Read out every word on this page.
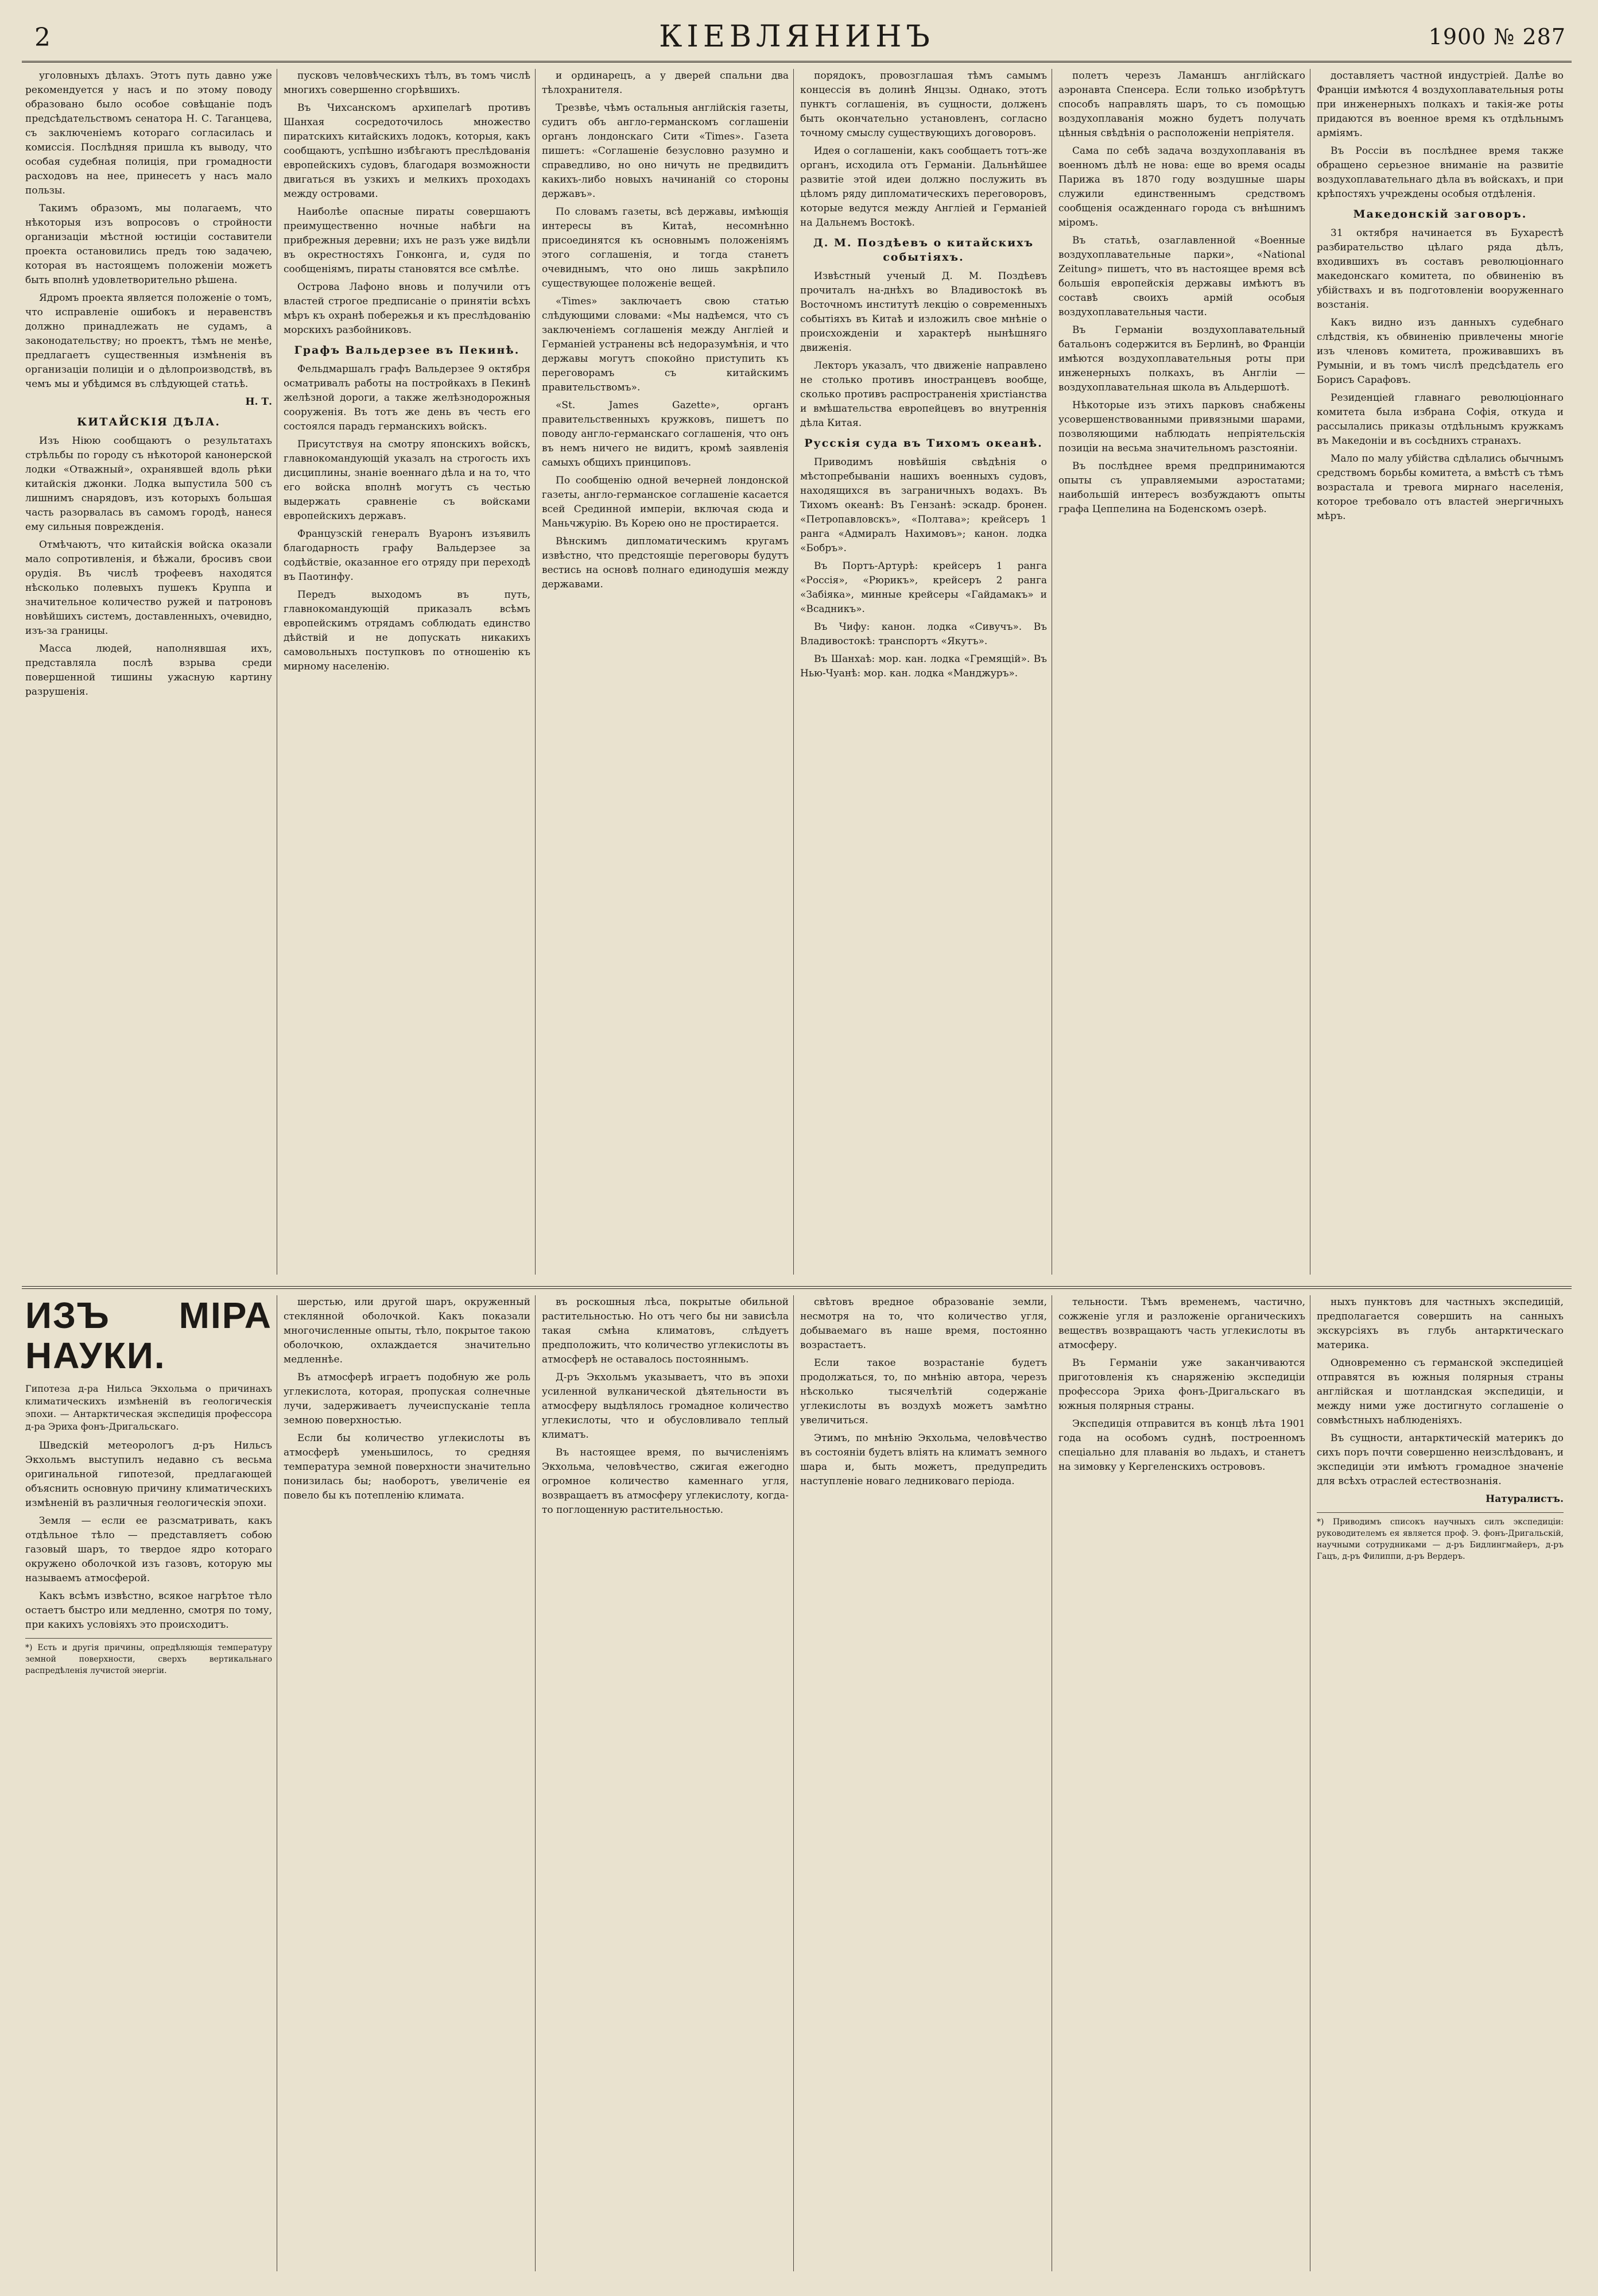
2	КІЕВЛЯНИНЪ	1900 № 287

уголовныхъ дѣлахъ. Этотъ путь давно уже рекомендуется у насъ и по этому поводу образовано было особое совѣщаніе подъ предсѣдательствомъ сенатора Н. С. Таганцева, съ заключеніемъ котораго согласилась и комиссія. Послѣдняя пришла къ выводу, что особая судебная полиція, при громадности расходовъ на нее, принесетъ у насъ мало пользы.

Такимъ образомъ, мы полагаемъ, что нѣкоторыя изъ вопросовъ о стройности организаціи мѣстной юстиціи составители проекта остановились предъ тою задачею, которая въ настоящемъ положеніи можетъ быть вполнѣ удовлетворительно рѣшена.

Ядромъ проекта является положеніе о томъ, что исправленіе ошибокъ и неравенствъ должно принадлежать не судамъ, а законодательству; но проектъ, тѣмъ не менѣе, предлагаетъ существенныя измѣненія въ организаціи полиціи и о дѣлопроизводствѣ, въ чемъ мы и убѣдимся въ слѣдующей статьѣ.

Н. Т.

КИТАЙСКІЯ ДѢЛА.

Изъ Ніюю сообщаютъ о результатахъ стрѣльбы по городу съ нѣкоторой канонерской лодки «Отважный», охранявшей вдоль рѣки китайскія джонки. Лодка выпустила 500 съ лишнимъ снарядовъ, изъ которыхъ большая часть разорвалась въ самомъ городѣ, нанеся ему сильныя поврежденія.

Отмѣчаютъ, что китайскія войска оказали мало сопротивленія, и бѣжали, бросивъ свои орудія. Въ числѣ трофеевъ находятся нѣсколько полевыхъ пушекъ Круппа и значительное количество ружей и патроновъ новѣйшихъ системъ, доставленныхъ, очевидно, изъ-за границы.

Масса людей, наполнявшая ихъ, представляла послѣ взрыва среди повершенной тишины ужасную картину разрушенія.

пусковъ человѣческихъ тѣлъ, въ томъ числѣ многихъ совершенно сгорѣвшихъ.

Въ Чихсанскомъ архипелагѣ противъ Шанхая сосредоточилось множество пиратскихъ китайскихъ лодокъ, которыя, какъ сообщаютъ, успѣшно избѣгаютъ преслѣдованія европейскихъ судовъ, благодаря возможности двигаться въ узкихъ и мелкихъ проходахъ между островами.

Наиболѣе опасные пираты совершаютъ преимущественно ночные набѣги на прибрежныя деревни; ихъ не разъ уже видѣли въ окрестностяхъ Гонконга, и, судя по сообщеніямъ, пираты становятся все смѣлѣе.

Острова Лафоно вновь и получили отъ властей строгое предписаніе о принятіи всѣхъ мѣръ къ охранѣ побережья и къ преслѣдованію морскихъ разбойниковъ.

Графъ Вальдерзее въ Пекинѣ.

Фельдмаршалъ графъ Вальдерзее 9 октября осматривалъ работы на постройкахъ в Пекинѣ желѣзной дороги, а также желѣзнодорожныя сооруженія. Въ тотъ же день въ честь его состоялся парадъ германскихъ войскъ.

Присутствуя на смотру японскихъ войскъ, главнокомандующій указалъ на строгость ихъ дисциплины, знаніе военнаго дѣла и на то, что его войска вполнѣ могутъ съ честью выдержать сравненіе съ войсками европейскихъ державъ.

Французскій генералъ Вуаронъ изъявилъ благодарность графу Вальдерзее за содѣйствіе, оказанное его отряду при переходѣ въ Паотинфу.

Передъ выходомъ въ путь, главнокомандующій приказалъ всѣмъ европейскимъ отрядамъ соблюдать единство дѣйствій и не допускать никакихъ самовольныхъ поступковъ по отношенію къ мирному населенію.

и ординарецъ, а у дверей спальни два тѣлохранителя.

Трезвѣе, чѣмъ остальныя англійскія газеты, судитъ объ англо-германскомъ соглашеніи органъ лондонскаго Сити «Times». Газета пишетъ: «Соглашеніе безусловно разумно и справедливо, но оно ничуть не предвидитъ какихъ-либо новыхъ начинаній со стороны державъ».

По словамъ газеты, всѣ державы, имѣющія интересы въ Китаѣ, несомнѣнно присоединятся къ основнымъ положеніямъ этого соглашенія, и тогда станетъ очевиднымъ, что оно лишь закрѣпило существующее положеніе вещей.

«Times» заключаетъ свою статью слѣдующими словами: «Мы надѣемся, что съ заключеніемъ соглашенія между Англіей и Германіей устранены всѣ недоразумѣнія, и что державы могутъ спокойно приступить къ переговорамъ съ китайскимъ правительствомъ».

«St. James Gazette», органъ правительственныхъ кружковъ, пишетъ по поводу англо-германскаго соглашенія, что онъ въ немъ ничего не видитъ, кромѣ заявленія самыхъ общихъ принциповъ.

По сообщенію одной вечерней лондонской газеты, англо-германское соглашеніе касается всей Срединной имперіи, включая сюда и Маньчжурію. Въ Корею оно не простирается.

Вѣнскимъ дипломатическимъ кругамъ извѣстно, что предстоящіе переговоры будутъ вестись на основѣ полнаго единодушія между державами.

порядокъ, провозглашая тѣмъ самымъ концессія въ долинѣ Янцзы. Однако, этотъ пунктъ соглашенія, въ сущности, долженъ быть окончательно установленъ, согласно точному смыслу существующихъ договоровъ.

Идея о соглашеніи, какъ сообщаетъ тотъ-же органъ, исходила отъ Германіи. Дальнѣйшее развитіе этой идеи должно послужить въ цѣломъ ряду дипломатическихъ переговоровъ, которые ведутся между Англіей и Германіей на Дальнемъ Востокѣ.

Д. М. Поздѣевъ о китайскихъ событіяхъ.

Извѣстный ученый Д. М. Поздѣевъ прочиталъ на-днѣхъ во Владивостокѣ въ Восточномъ институтѣ лекцію о современныхъ событіяхъ въ Китаѣ и изложилъ свое мнѣніе о происхожденіи и характерѣ нынѣшняго движенія.

Лекторъ указалъ, что движеніе направлено не столько противъ иностранцевъ вообще, сколько противъ распространенія христіанства и вмѣшательства европейцевъ во внутреннія дѣла Китая.

Русскія суда въ Тихомъ океанѣ.

Приводимъ новѣйшія свѣдѣнія о мѣстопребываніи нашихъ военныхъ судовъ, находящихся въ заграничныхъ водахъ. Въ Тихомъ океанѣ: Въ Гензанѣ: эскадр. бронен. «Петропавловскъ», «Полтава»; крейсеръ 1 ранга «Адмиралъ Нахимовъ»; канон. лодка «Бобръ».

Въ Портъ-Артурѣ: крейсеръ 1 ранга «Россія», «Рюрикъ», крейсеръ 2 ранга «Забіяка», минные крейсеры «Гайдамакъ» и «Всадникъ».

Въ Чифу: канон. лодка «Сивучъ». Въ Владивостокѣ: транспортъ «Якутъ».

Въ Шанхаѣ: мор. кан. лодка «Гремящій». Въ Нью-Чуанѣ: мор. кан. лодка «Манджуръ».

полетъ черезъ Ламаншъ англійскаго аэронавта Спенсера. Если только изобрѣтутъ способъ направлять шаръ, то съ помощью воздухоплаванія можно будетъ получать цѣнныя свѣдѣнія о расположеніи непріятеля.

Сама по себѣ задача воздухоплаванія въ военномъ дѣлѣ не нова: еще во время осады Парижа въ 1870 году воздушные шары служили единственнымъ средствомъ сообщенія осажденнаго города съ внѣшнимъ міромъ.

Въ статьѣ, озаглавленной «Военные воздухоплавательные парки», «National Zeitung» пишетъ, что въ настоящее время всѣ большія европейскія державы имѣютъ въ составѣ своихъ армій особыя воздухоплавательныя части.

Въ Германіи воздухоплавательный батальонъ содержится въ Берлинѣ, во Франціи имѣются воздухоплавательныя роты при инженерныхъ полкахъ, въ Англіи — воздухоплавательная школа въ Альдершотѣ.

Нѣкоторые изъ этихъ парковъ снабжены усовершенствованными привязными шарами, позволяющими наблюдать непріятельскія позиціи на весьма значительномъ разстояніи.

Въ послѣднее время предпринимаются опыты съ управляемыми аэростатами; наибольшій интересъ возбуждаютъ опыты графа Цеппелина на Боденскомъ озерѣ.

доставляетъ частной индустріей. Далѣе во Франціи имѣются 4 воздухоплавательныя роты при инженерныхъ полкахъ и такія-же роты придаются въ военное время къ отдѣльнымъ арміямъ.

Въ Россіи въ послѣднее время также обращено серьезное вниманіе на развитіе воздухоплавательнаго дѣла въ войскахъ, и при крѣпостяхъ учреждены особыя отдѣленія.

Македонскій заговоръ.

31 октября начинается въ Бухарестѣ разбирательство цѣлаго ряда дѣлъ, входившихъ въ составъ революціоннаго македонскаго комитета, по обвиненію въ убійствахъ и въ подготовленіи вооруженнаго возстанія.

Какъ видно изъ данныхъ судебнаго слѣдствія, къ обвиненію привлечены многіе изъ членовъ комитета, проживавшихъ въ Румыніи, и въ томъ числѣ предсѣдатель его Борисъ Сарафовъ.

Резиденціей главнаго революціоннаго комитета была избрана Софія, откуда и рассылались приказы отдѣльнымъ кружкамъ въ Македоніи и въ сосѣднихъ странахъ.

Мало по малу убійства сдѣлались обычнымъ средствомъ борьбы комитета, а вмѣстѣ съ тѣмъ возрастала и тревога мирнаго населенія, которое требовало отъ властей энергичныхъ мѣръ.

ИЗЪ МІРА НАУКИ.

Гипотеза д-ра Нильса Экхольма о причинахъ климатическихъ измѣненій въ геологическія эпохи. — Антарктическая экспедиція профессора д-ра Эриха фонъ-Дригальскаго.

Шведскій метеорологъ д-ръ Нильсъ Экхольмъ выступилъ недавно съ весьма оригинальной гипотезой, предлагающей объяснить основную причину климатическихъ измѣненій въ различныя геологическія эпохи.

Земля — если ее разсматривать, какъ отдѣльное тѣло — представляетъ собою газовый шаръ, то твердое ядро котораго окружено оболочкой изъ газовъ, которую мы называемъ атмосферой.

Какъ всѣмъ извѣстно, всякое нагрѣтое тѣло остаетъ быстро или медленно, смотря по тому, при какихъ условіяхъ это происходитъ.

*) Есть и другія причины, опредѣляющія температуру земной поверхности, сверхъ вертикальнаго распредѣленія лучистой энергіи.

шерстью, или другой шаръ, окруженный стеклянной оболочкой. Какъ показали многочисленные опыты, тѣло, покрытое такою оболочкою, охлаждается значительно медленнѣе.

Въ атмосферѣ играетъ подобную же роль углекислота, которая, пропуская солнечные лучи, задерживаетъ лучеиспусканіе тепла земною поверхностью.

Если бы количество углекислоты въ атмосферѣ уменьшилось, то средняя температура земной поверхности значительно понизилась бы; наоборотъ, увеличеніе ея повело бы къ потепленію климата.

въ роскошныя лѣса, покрытые обильной растительностью. Но отъ чего бы ни зависѣла такая смѣна климатовъ, слѣдуетъ предположить, что количество углекислоты въ атмосферѣ не оставалось постояннымъ.

Д-ръ Экхольмъ указываетъ, что въ эпохи усиленной вулканической дѣятельности въ атмосферу выдѣлялось громадное количество углекислоты, что и обусловливало теплый климатъ.

Въ настоящее время, по вычисленіямъ Экхольма, человѣчество, сжигая ежегодно огромное количество каменнаго угля, возвращаетъ въ атмосферу углекислоту, когда-то поглощенную растительностью.

свѣтовъ вредное образованіе земли, несмотря на то, что количество угля, добываемаго въ наше время, постоянно возрастаетъ.

Если такое возрастаніе будетъ продолжаться, то, по мнѣнію автора, черезъ нѣсколько тысячелѣтій содержаніе углекислоты въ воздухѣ можетъ замѣтно увеличиться.

Этимъ, по мнѣнію Экхольма, человѣчество въ состояніи будетъ вліять на климатъ земного шара и, быть можетъ, предупредить наступленіе новаго ледниковаго періода.

тельности. Тѣмъ временемъ, частично, сожженіе угля и разложеніе органическихъ веществъ возвращаютъ часть углекислоты въ атмосферу.

Въ Германіи уже заканчиваются приготовленія къ снаряженію экспедиціи профессора Эриха фонъ-Дригальскаго въ южныя полярныя страны.

Экспедиція отправится въ концѣ лѣта 1901 года на особомъ суднѣ, построенномъ спеціально для плаванія во льдахъ, и станетъ на зимовку у Кергеленскихъ острововъ.

ныхъ пунктовъ для частныхъ экспедицій, предполагается совершить на санныхъ экскурсіяхъ въ глубь антарктическаго материка.

Одновременно съ германской экспедиціей отправятся въ южныя полярныя страны англійская и шотландская экспедиціи, и между ними уже достигнуто соглашеніе о совмѣстныхъ наблюденіяхъ.

Въ сущности, антарктическій материкъ до сихъ поръ почти совершенно неизслѣдованъ, и экспедиціи эти имѣютъ громадное значеніе для всѣхъ отраслей естествознанія.

Натуралистъ.

*) Приводимъ списокъ научныхъ силъ экспедиціи: руководителемъ ея является проф. Э. фонъ-Дригальскій, научными сотрудниками — д-ръ Бидлингмайеръ, д-ръ Гацъ, д-ръ Филиппи, д-ръ Вердеръ.
